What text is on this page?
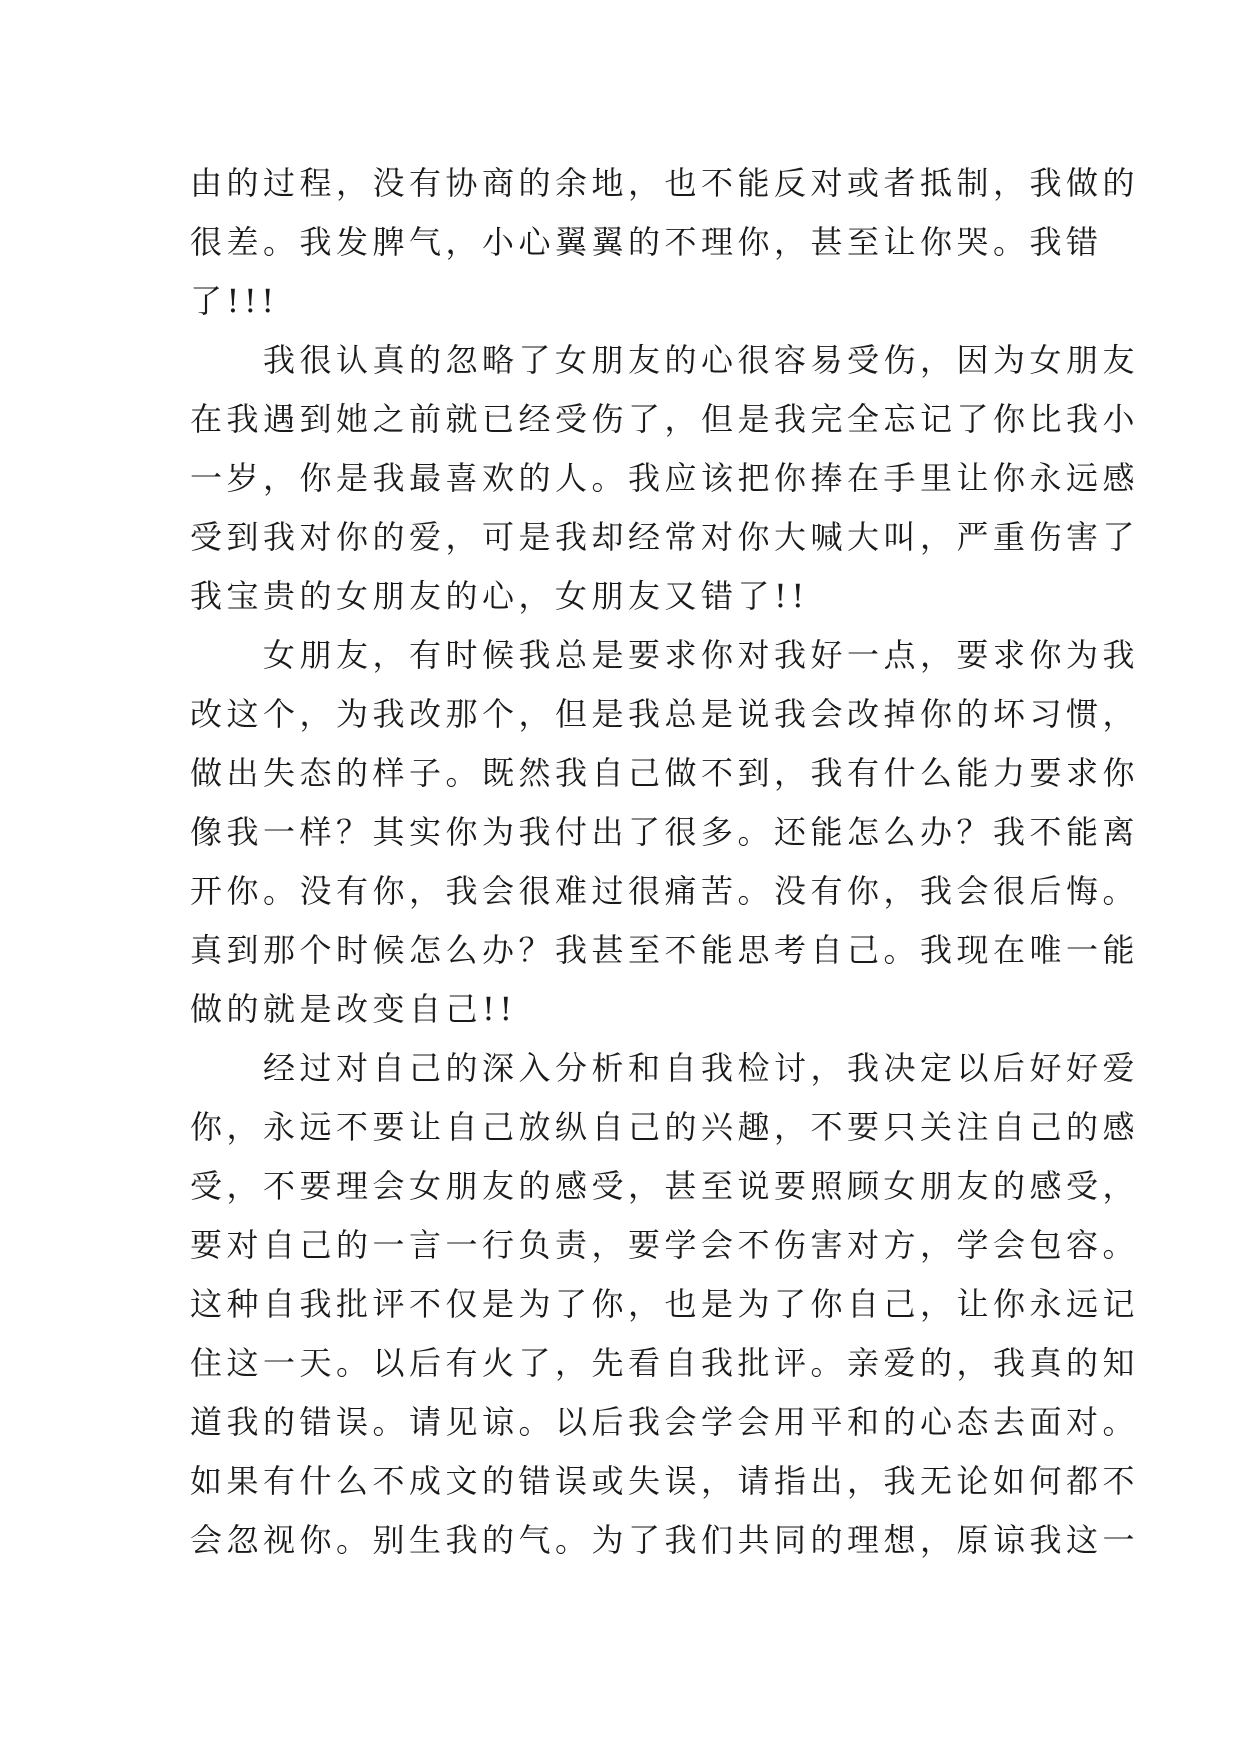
由的过程，没有协商的余地，也不能反对或者抵制，我做的
很差。我发脾气，小心翼翼的不理你，甚至让你哭。我错
了!!!
　　我很认真的忽略了女朋友的心很容易受伤，因为女朋友
在我遇到她之前就已经受伤了，但是我完全忘记了你比我小
一岁，你是我最喜欢的人。我应该把你捧在手里让你永远感
受到我对你的爱，可是我却经常对你大喊大叫，严重伤害了
我宝贵的女朋友的心，女朋友又错了!!
　　女朋友，有时候我总是要求你对我好一点，要求你为我
改这个，为我改那个，但是我总是说我会改掉你的坏习惯，
做出失态的样子。既然我自己做不到，我有什么能力要求你
像我一样？其实你为我付出了很多。还能怎么办？我不能离
开你。没有你，我会很难过很痛苦。没有你，我会很后悔。
真到那个时候怎么办？我甚至不能思考自己。我现在唯一能
做的就是改变自己!!
　　经过对自己的深入分析和自我检讨，我决定以后好好爱
你，永远不要让自己放纵自己的兴趣，不要只关注自己的感
受，不要理会女朋友的感受，甚至说要照顾女朋友的感受，
要对自己的一言一行负责，要学会不伤害对方，学会包容。
这种自我批评不仅是为了你，也是为了你自己，让你永远记
住这一天。以后有火了，先看自我批评。亲爱的，我真的知
道我的错误。请见谅。以后我会学会用平和的心态去面对。
如果有什么不成文的错误或失误，请指出，我无论如何都不
会忽视你。别生我的气。为了我们共同的理想，原谅我这一
